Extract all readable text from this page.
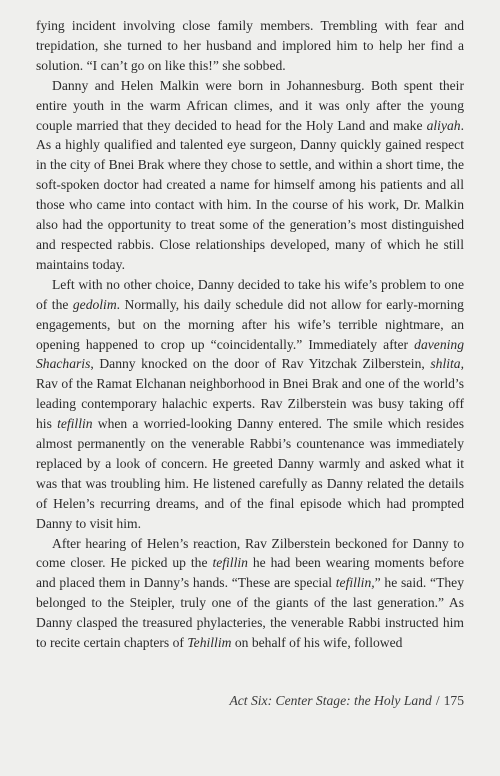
fying incident involving close family members. Trembling with fear and trepidation, she turned to her husband and implored him to help her find a solution. “I can’t go on like this!” she sobbed.

Danny and Helen Malkin were born in Johannesburg. Both spent their entire youth in the warm African climes, and it was only after the young couple married that they decided to head for the Holy Land and make aliyah. As a highly qualified and talented eye surgeon, Danny quickly gained respect in the city of Bnei Brak where they chose to settle, and within a short time, the soft-spoken doctor had created a name for himself among his patients and all those who came into contact with him. In the course of his work, Dr. Malkin also had the opportunity to treat some of the generation’s most distinguished and respected rabbis. Close relationships developed, many of which he still maintains today.

Left with no other choice, Danny decided to take his wife’s problem to one of the gedolim. Normally, his daily schedule did not allow for early-morning engagements, but on the morning after his wife’s terrible nightmare, an opening happened to crop up “coincidentally.” Immediately after davening Shacharis, Danny knocked on the door of Rav Yitzchak Zilberstein, shlita, Rav of the Ramat Elchanan neighborhood in Bnei Brak and one of the world’s leading contemporary halachic experts. Rav Zilberstein was busy taking off his tefillin when a worried-looking Danny entered. The smile which resides almost permanently on the venerable Rabbi’s countenance was immediately replaced by a look of concern. He greeted Danny warmly and asked what it was that was troubling him. He listened carefully as Danny related the details of Helen’s recurring dreams, and of the final episode which had prompted Danny to visit him.

After hearing of Helen’s reaction, Rav Zilberstein beckoned for Danny to come closer. He picked up the tefillin he had been wearing moments before and placed them in Danny’s hands. “These are special tefillin,” he said. “They belonged to the Steipler, truly one of the giants of the last generation.” As Danny clasped the treasured phylacteries, the venerable Rabbi instructed him to recite certain chapters of Tehillim on behalf of his wife, followed

Act Six: Center Stage: the Holy Land / 175
